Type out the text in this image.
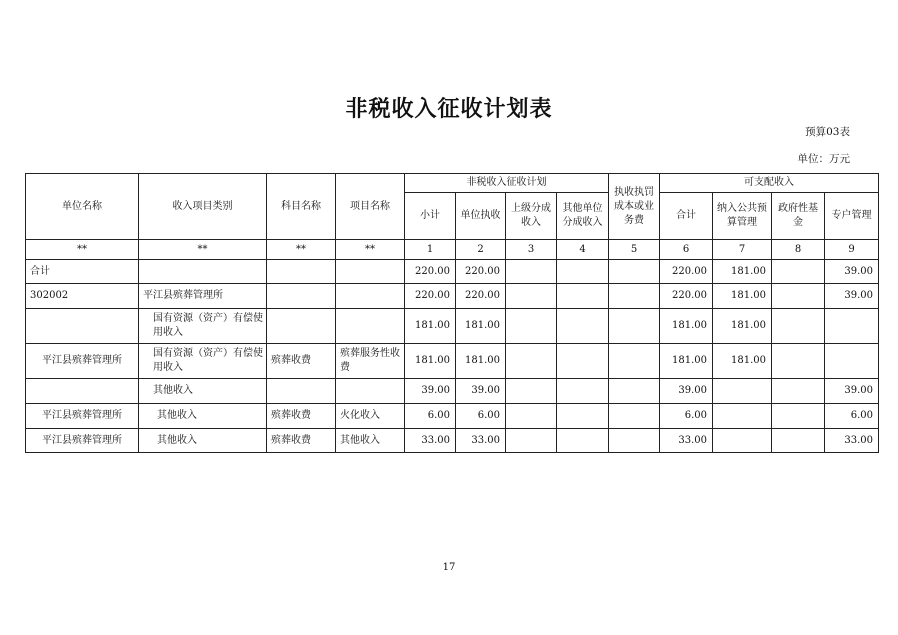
非税收入征收计划表
预算03表
单位：万元
单位名称	收入项目类别	科目名称	项目名称	非税收入征收计划				执收执罚成本或业务费	可支配收入			
				小计	单位执收	上级分成收入	其他单位分成收入		合计	纳入公共预算管理	政府性基金	专户管理
**	**	**	**	1	2	3	4	5	6	7	8	9
合计				220.00	220.00				220.00	181.00		39.00
302002	平江县殡葬管理所			220.00	220.00				220.00	181.00		39.00
	国有资源（资产）有偿使用收入			181.00	181.00				181.00	181.00		
平江县殡葬管理所	国有资源（资产）有偿使用收入	殡葬收费	殡葬服务性收费	181.00	181.00				181.00	181.00		
	其他收入			39.00	39.00				39.00			39.00
平江县殡葬管理所	其他收入	殡葬收费	火化收入	6.00	6.00				6.00			6.00
平江县殡葬管理所	其他收入	殡葬收费	其他收入	33.00	33.00				33.00			33.00
17
